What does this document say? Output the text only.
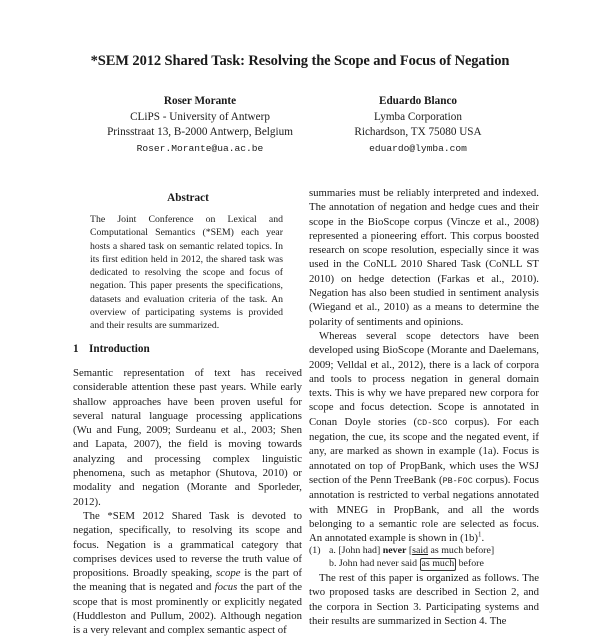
*SEM 2012 Shared Task: Resolving the Scope and Focus of Negation
Roser Morante
CLiPS - University of Antwerp
Prinsstraat 13, B-2000 Antwerp, Belgium
Roser.Morante@ua.ac.be
Eduardo Blanco
Lymba Corporation
Richardson, TX 75080 USA
eduardo@lymba.com
Abstract
The Joint Conference on Lexical and Computational Semantics (*SEM) each year hosts a shared task on semantic related topics. In its first edition held in 2012, the shared task was dedicated to resolving the scope and focus of negation. This paper presents the specifications, datasets and evaluation criteria of the task. An overview of participating systems is provided and their results are summarized.
1 Introduction

Semantic representation of text has received considerable attention these past years. While early shallow approaches have been proven useful for several natural language processing applications (Wu and Fung, 2009; Surdeanu et al., 2003; Shen and Lapata, 2007), the field is moving towards analyzing and processing complex linguistic phenomena, such as metaphor (Shutova, 2010) or modality and negation (Morante and Sporleder, 2012).

The *SEM 2012 Shared Task is devoted to negation, specifically, to resolving its scope and focus. Negation is a grammatical category that comprises devices used to reverse the truth value of propositions. Broadly speaking, scope is the part of the meaning that is negated and focus the part of the scope that is most prominently or explicitly negated (Huddleston and Pullum, 2002). Although negation is a very relevant and complex semantic aspect of

summaries must be reliably interpreted and indexed. The annotation of negation and hedge cues and their scope in the BioScope corpus (Vincze et al., 2008) represented a pioneering effort. This corpus boosted research on scope resolution, especially since it was used in the CoNLL 2010 Shared Task (CoNLL ST 2010) on hedge detection (Farkas et al., 2010). Negation has also been studied in sentiment analysis (Wiegand et al., 2010) as a means to determine the polarity of sentiments and opinions.

Whereas several scope detectors have been developed using BioScope (Morante and Daelemans, 2009; Velldal et al., 2012), there is a lack of corpora and tools to process negation in general domain texts. This is why we have prepared new corpora for scope and focus detection. Scope is annotated in Conan Doyle stories (CD-SCO corpus). For each negation, the cue, its scope and the negated event, if any, are marked as shown in example (1a). Focus is annotated on top of PropBank, which uses the WSJ section of the Penn TreeBank (PB-FOC corpus). Focus annotation is restricted to verbal negations annotated with MNEG in PropBank, and all the words belonging to a semantic role are selected as focus. An annotated example is shown in $(1b)^1$.

(1) a. [John had] never [said as much before]
b.
John had never said
as much
before

The rest of this paper is organized as follows. The two proposed tasks are described in Section 2, and the corpora in Section 3. Participating systems and their results are summarized in Section 4. The
